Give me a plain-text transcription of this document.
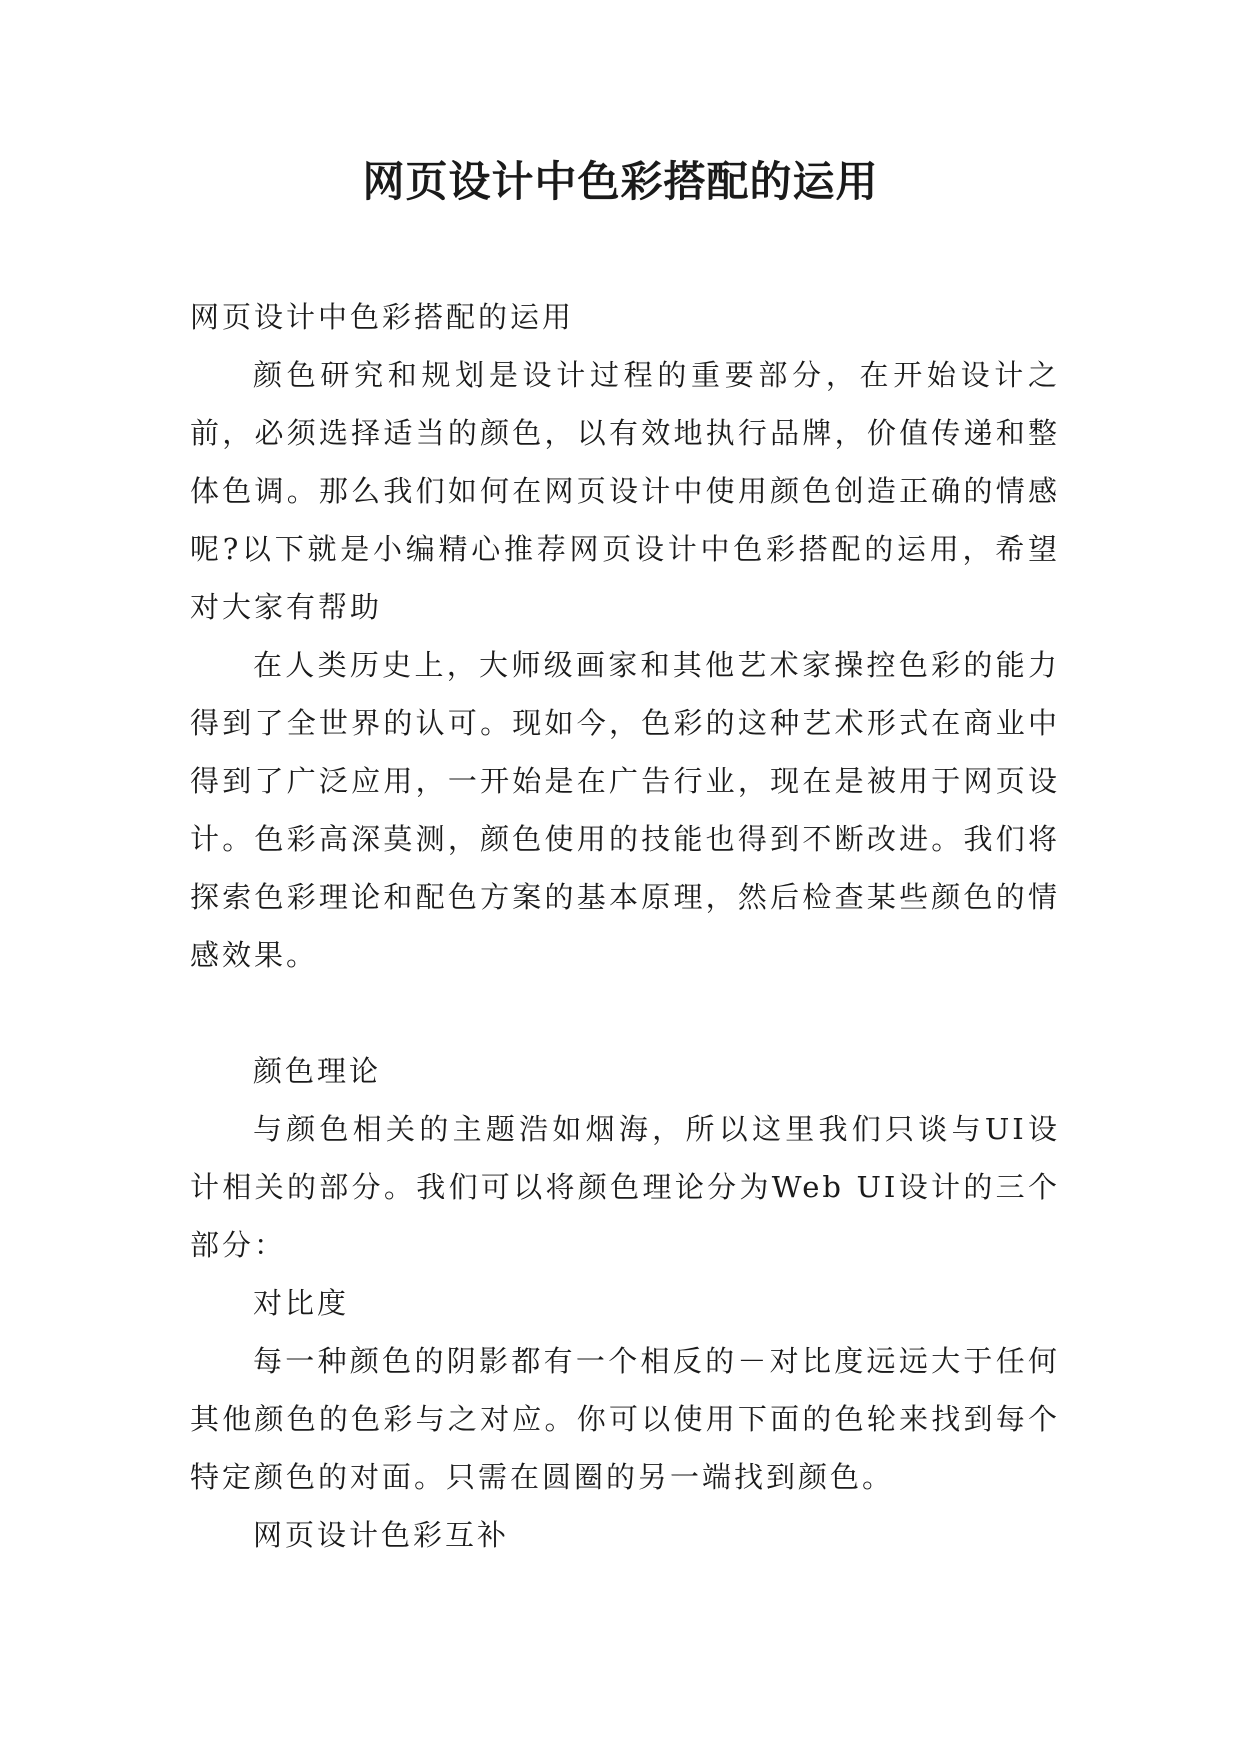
网页设计中色彩搭配的运用

网页设计中色彩搭配的运用

颜色研究和规划是设计过程的重要部分，在开始设计之前，必须选择适当的颜色，以有效地执行品牌，价值传递和整体色调。那么我们如何在网页设计中使用颜色创造正确的情感呢?以下就是小编精心推荐网页设计中色彩搭配的运用，希望对大家有帮助

在人类历史上，大师级画家和其他艺术家操控色彩的能力得到了全世界的认可。现如今，色彩的这种艺术形式在商业中得到了广泛应用，一开始是在广告行业，现在是被用于网页设计。色彩高深莫测，颜色使用的技能也得到不断改进。我们将探索色彩理论和配色方案的基本原理，然后检查某些颜色的情感效果。

颜色理论

与颜色相关的主题浩如烟海，所以这里我们只谈与UI设计相关的部分。我们可以将颜色理论分为Web UI设计的三个部分：

对比度

每一种颜色的阴影都有一个相反的－对比度远远大于任何其他颜色的色彩与之对应。你可以使用下面的色轮来找到每个特定颜色的对面。只需在圆圈的另一端找到颜色。

网页设计色彩互补
